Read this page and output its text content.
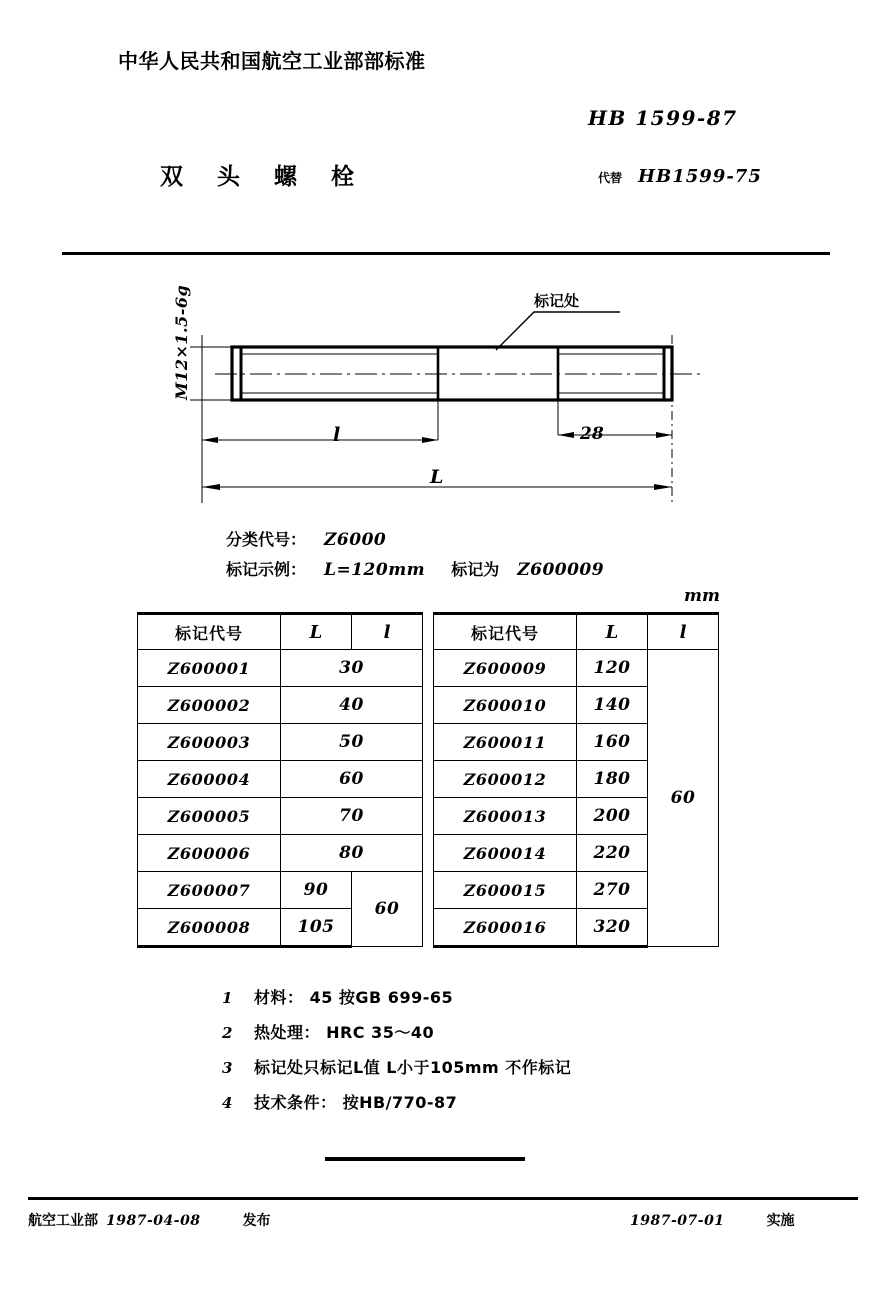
中华人民共和国航空工业部部标准
HB 1599-87
双头螺栓	代替 HB1599-75
标记处
M12×1.5-6g
l	28
L
分类代号： Z6000
标记示例： L=120mm 标记为 Z600009
mm
标记代号	L	l
Z600001	30	
Z600002	40	
Z600003	50	
Z600004	60	
Z600005	70	
Z600006	80	
Z600007	90	60
Z600008	105	
标记代号	L	l
Z600009	120	60
Z600010	140	
Z600011	160	
Z600012	180	
Z600013	200	
Z600014	220	
Z600015	270	
Z600016	320	
1	材料： 45 按GB 699-65
2	热处理： HRC 35～40
3	标记处只标记L值 L小于105mm 不作标记
4	技术条件： 按HB/770-87
航空工业部 1987-04-08	发布	1987-07-01	实施
